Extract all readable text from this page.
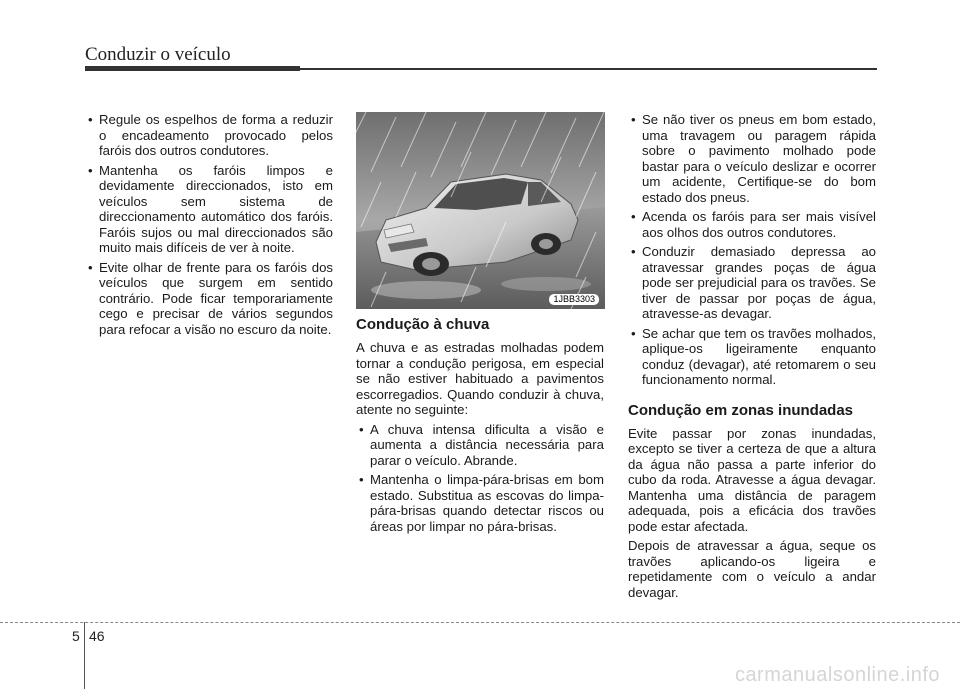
Conduzir o veículo
• Regule os espelhos de forma a reduzir o encadeamento provocado pelos faróis dos outros condutores.
• Mantenha os faróis limpos e devidamente direccionados, isto em veículos sem sistema de direccionamento automático dos faróis. Faróis sujos ou mal direccionados são muito mais difíceis de ver à noite.
• Evite olhar de frente para os faróis dos veículos que surgem em sentido contrário. Pode ficar temporariamente cego e precisar de vários segundos para refocar a visão no escuro da noite.
1JBB3303
Condução à chuva

A chuva e as estradas molhadas podem tornar a condução perigosa, em especial se não estiver habituado a pavimentos escorregadios. Quando conduzir à chuva, atente no seguinte:

• A chuva intensa dificulta a visão e aumenta a distância necessária para parar o veículo. Abrande.
• Mantenha o limpa-pára-brisas em bom estado. Substitua as escovas do limpa-pára-brisas quando detectar riscos ou áreas por limpar no pára-brisas.
• Se não tiver os pneus em bom estado, uma travagem ou paragem rápida sobre o pavimento molhado pode bastar para o veículo deslizar e ocorrer um acidente, Certifique-se do bom estado dos pneus.
• Acenda os faróis para ser mais visível aos olhos dos outros condutores.
• Conduzir demasiado depressa ao atravessar grandes poças de água pode ser prejudicial para os travões. Se tiver de passar por poças de água, atravesse-as devagar.
• Se achar que tem os travões molhados, aplique-os ligeiramente enquanto conduz (devagar), até retomarem o seu funcionamento normal.
Condução em zonas inundadas

Evite passar por zonas inundadas, excepto se tiver a certeza de que a altura da água não passa a parte inferior do cubo da roda. Atravesse a água devagar. Mantenha uma distância de paragem adequada, pois a eficácia dos travões pode estar afectada.

Depois de atravessar a água, seque os travões aplicando-os ligeira e repetidamente com o veículo a andar devagar.

5 46
carmanualsonline.info
